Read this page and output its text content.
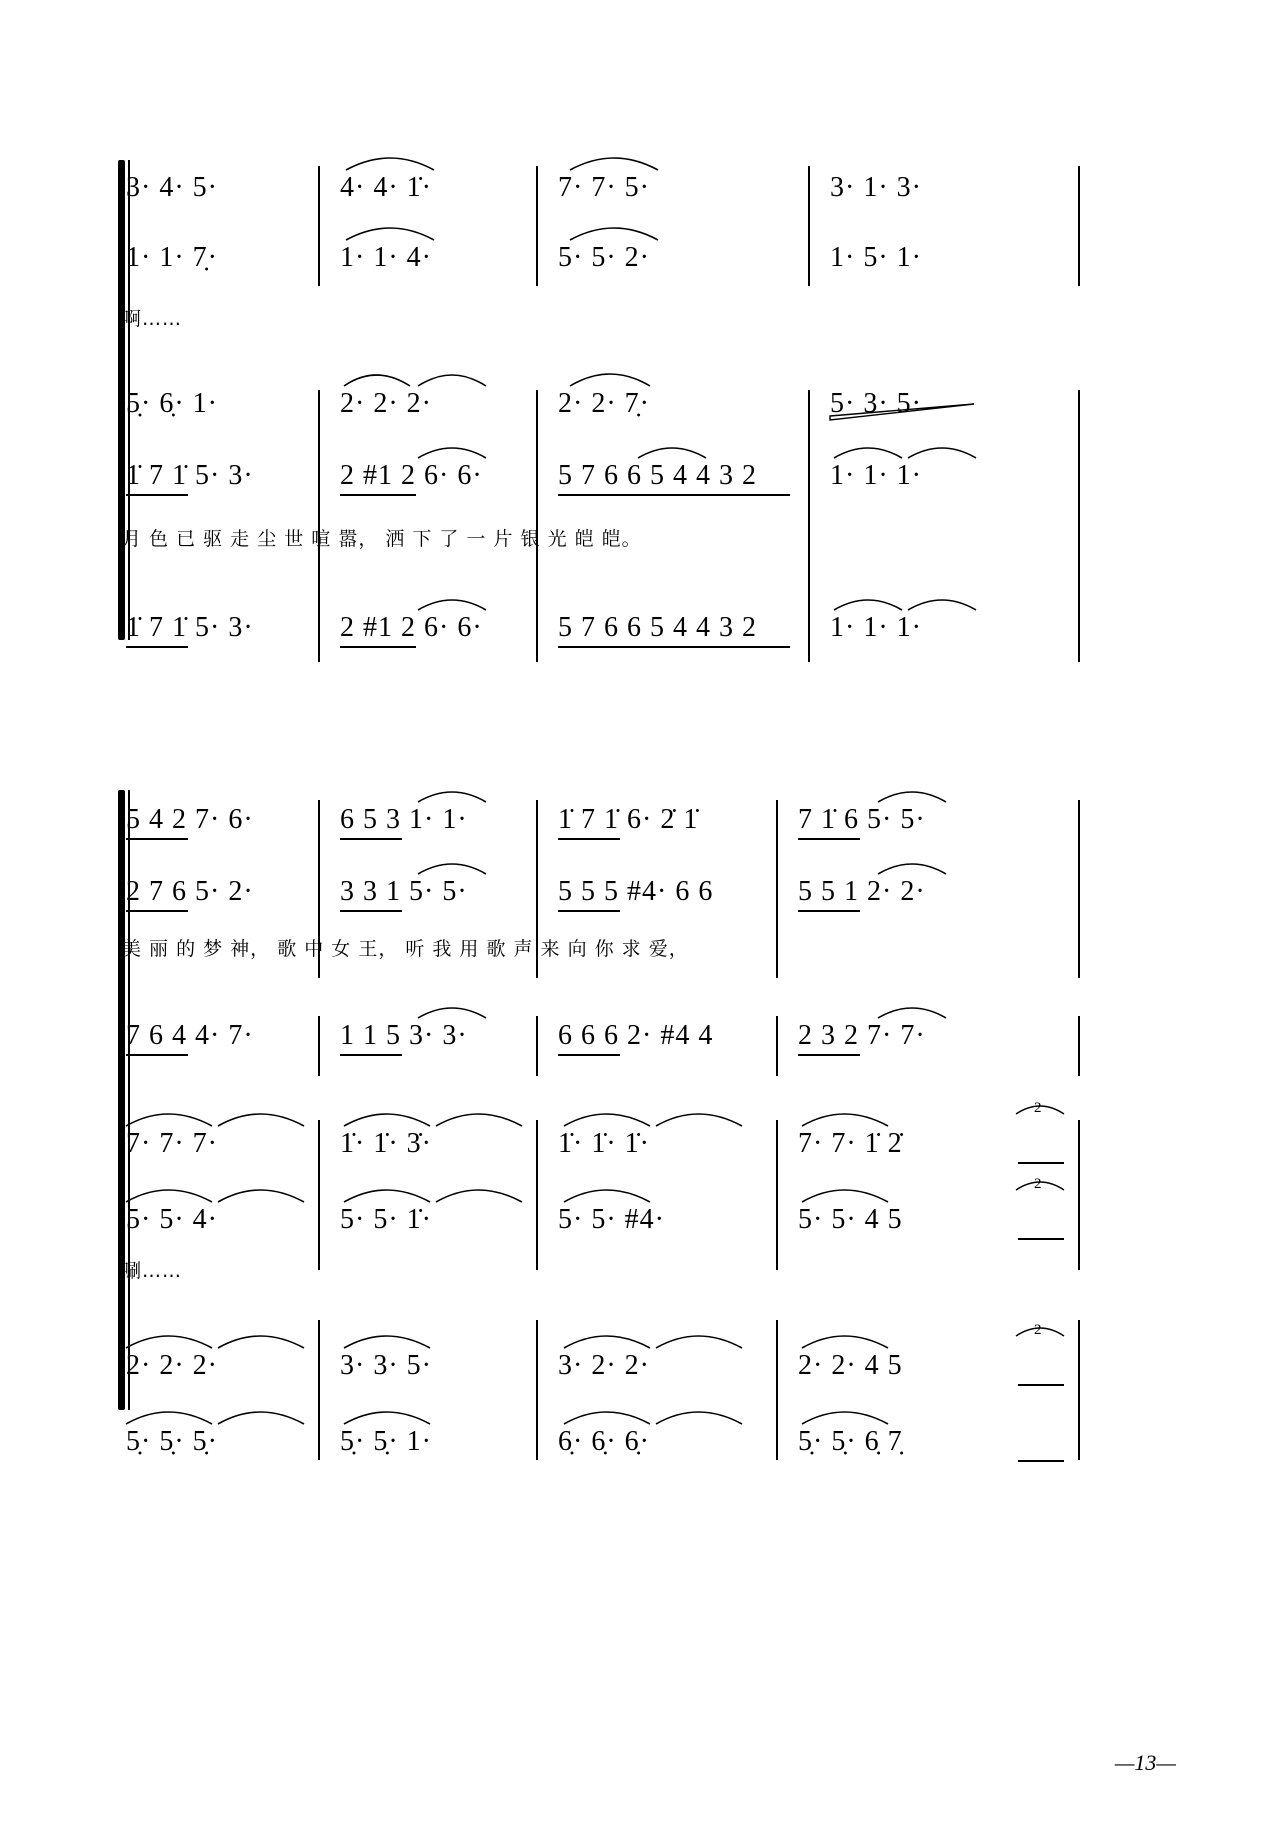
3· 4· 5·	4· 4· 1̇·	7· 7· 5·	3· 1· 3·
1· 1· 7̣·	1· 1· 4·	5· 5· 2·	1· 5· 1·
啊……
5̣· 6̣· 1·	2· 2· 2·	2· 2· 7̣·	5· 3· 5·
1̇ 7 1̇ 5· 3·	2 #1 2 6· 6·	5 7 6 6 5 4 4 3 2	1· 1· 1·
月 色 已 驱 走 尘 世 喧 嚣， 洒 下 了 一 片 银 光 皑 皑。
1̇ 7 1̇ 5· 3·	2 #1 2 6· 6·	5 7 6 6 5 4 4 3 2	1· 1· 1·
5 4 2 7· 6·	6 5 3 1· 1·	1̇ 7 1̇ 6· 2̇ 1̇	7 1̇ 6 5· 5·
2 7 6 5· 2·	3 3 1 5· 5·	5 5 5 #4· 6 6	5 5 1 2· 2·
美 丽 的 梦 神， 歌 中 女 王， 听 我 用 歌 声 来 向 你 求 爱，
7 6 4 4· 7·	1 1 5 3· 3·	6 6 6 2· #4 4	2 3 2 7· 7·
7· 7· 7·	1̇· 1̇· 3̇·	1̇· 1̇· 1̇·	7· 7· 1̇ 2̇
2
5· 5· 4·	5· 5· 1̇·	5· 5· #4·	5· 5· 4 5
2
唰……
2· 2· 2·	3· 3· 5·	3· 2· 2·	2· 2· 4 5
2
5̣· 5̣· 5̣·	5̣· 5̣· 1·	6̣· 6̣· 6̣·	5̣· 5̣· 6̣ 7̣
—13—
